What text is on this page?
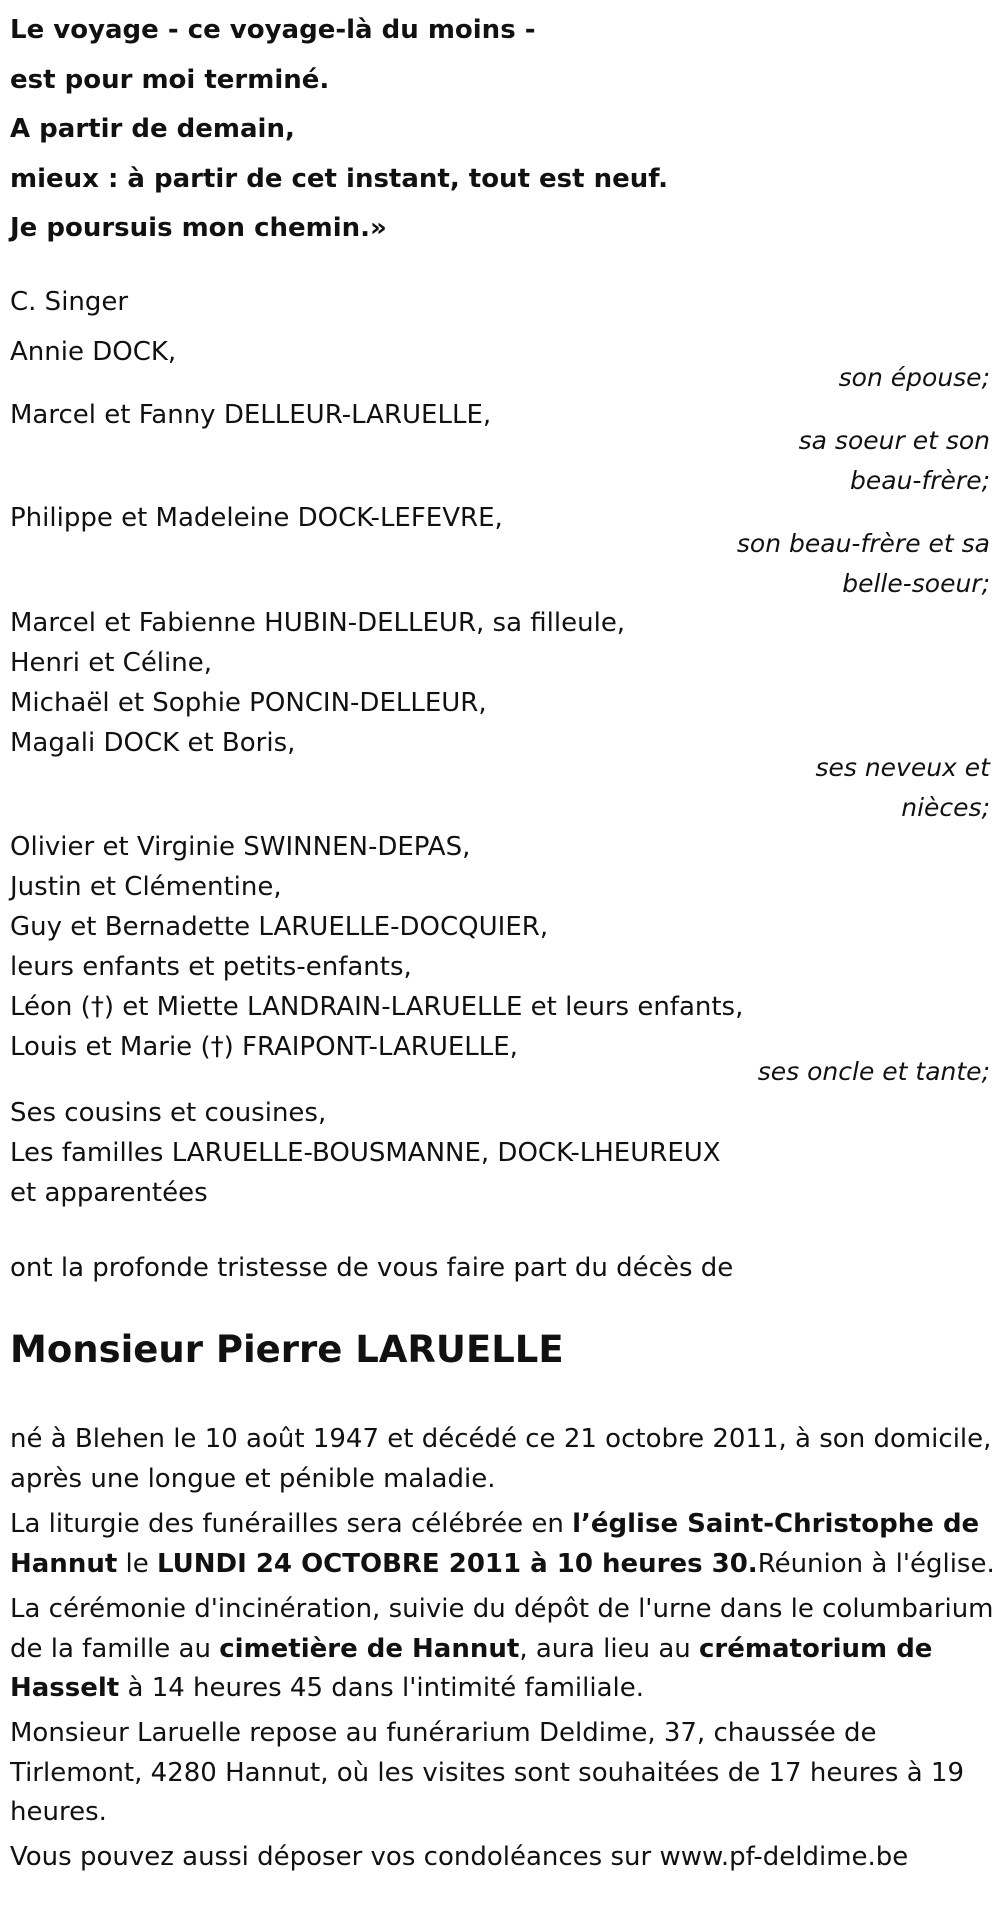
Le voyage - ce voyage-là du moins -
est pour moi terminé.
A partir de demain,
mieux : à partir de cet instant, tout est neuf.
Je poursuis mon chemin.»
C. Singer
Annie DOCK,
son épouse;
Marcel et Fanny DELLEUR-LARUELLE,
sa soeur et son
beau-frère;
Philippe et Madeleine DOCK-LEFEVRE,
son beau-frère et sa
belle-soeur;
Marcel et Fabienne HUBIN-DELLEUR, sa filleule,
Henri et Céline,
Michaël et Sophie PONCIN-DELLEUR,
Magali DOCK et Boris,
ses neveux et
nièces;
Olivier et Virginie SWINNEN-DEPAS,
Justin et Clémentine,
Guy et Bernadette LARUELLE-DOCQUIER,
leurs enfants et petits-enfants,
Léon (†) et Miette LANDRAIN-LARUELLE et leurs enfants,
Louis et Marie (†) FRAIPONT-LARUELLE,
ses oncle et tante;
Ses cousins et cousines,
Les familles LARUELLE-BOUSMANNE, DOCK-LHEUREUX
et apparentées
ont la profonde tristesse de vous faire part du décès de
Monsieur Pierre LARUELLE

né à Blehen le 10 août 1947 et décédé ce 21 octobre 2011, à son domicile, après une longue et pénible maladie.

La liturgie des funérailles sera célébrée en l’église Saint-Christophe de Hannut le LUNDI 24 OCTOBRE 2011 à 10 heures 30.Réunion à l'église.

La cérémonie d'incinération, suivie du dépôt de l'urne dans le columbarium de la famille au cimetière de Hannut, aura lieu au crématorium de Hasselt à 14 heures 45 dans l'intimité familiale.

Monsieur Laruelle repose au funérarium Deldime, 37, chaussée de Tirlemont, 4280 Hannut, où les visites sont souhaitées de 17 heures à 19 heures.

Vous pouvez aussi déposer vos condoléances sur www.pf-deldime.be
